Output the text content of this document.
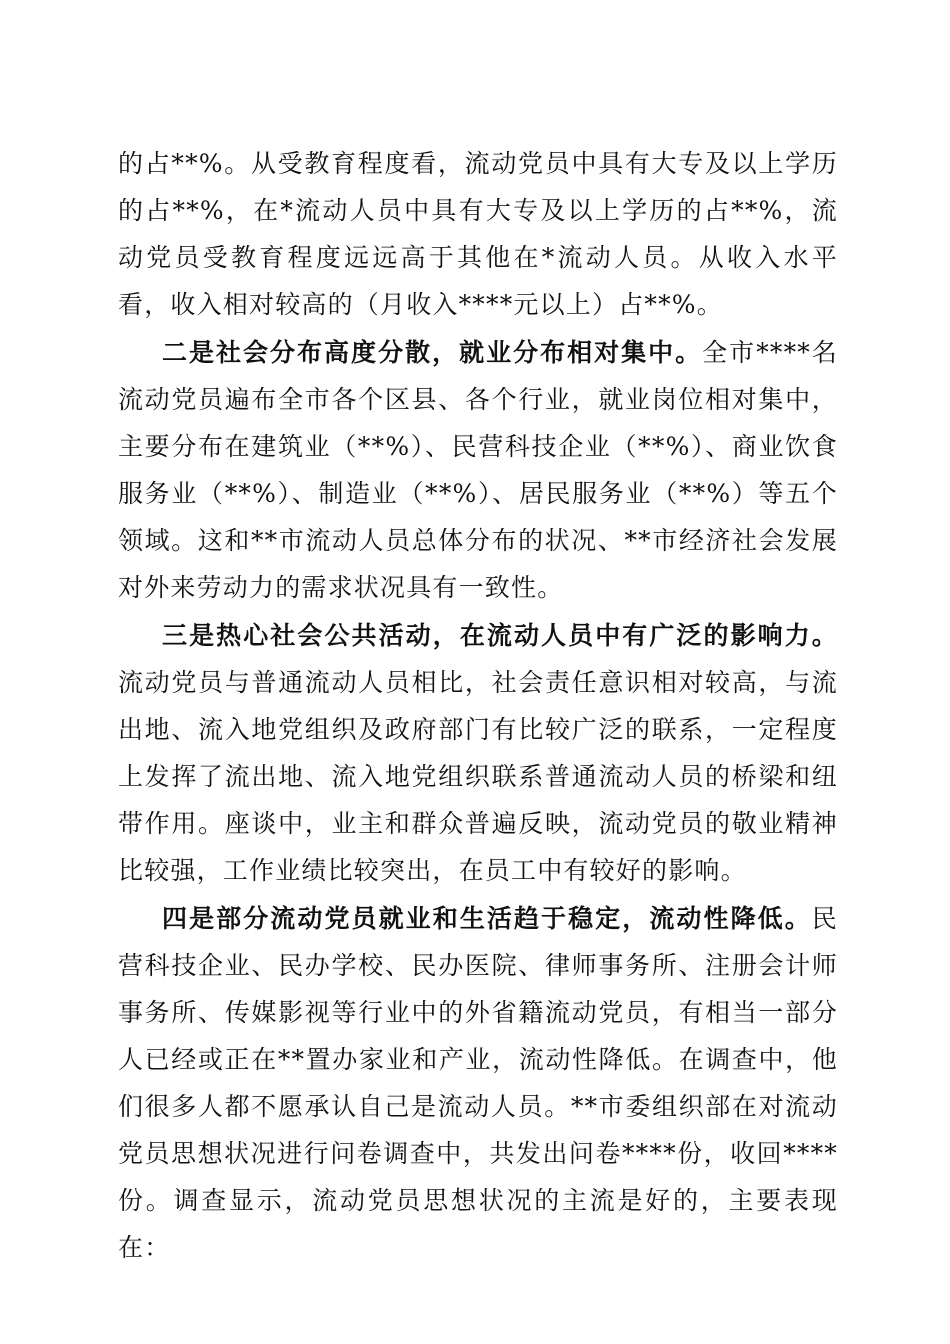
的占**%。从受教育程度看，流动党员中具有大专及以上学历的占**%，在*流动人员中具有大专及以上学历的占**%，流动党员受教育程度远远高于其他在*流动人员。从收入水平看，收入相对较高的（月收入****元以上）占**%。

二是社会分布高度分散，就业分布相对集中。全市****名流动党员遍布全市各个区县、各个行业，就业岗位相对集中，主要分布在建筑业（**%）、民营科技企业（**%）、商业饮食服务业（**%）、制造业（**%）、居民服务业（**%）等五个领域。这和**市流动人员总体分布的状况、**市经济社会发展对外来劳动力的需求状况具有一致性。

三是热心社会公共活动，在流动人员中有广泛的影响力。流动党员与普通流动人员相比，社会责任意识相对较高，与流出地、流入地党组织及政府部门有比较广泛的联系，一定程度上发挥了流出地、流入地党组织联系普通流动人员的桥梁和纽带作用。座谈中，业主和群众普遍反映，流动党员的敬业精神比较强，工作业绩比较突出，在员工中有较好的影响。

四是部分流动党员就业和生活趋于稳定，流动性降低。民营科技企业、民办学校、民办医院、律师事务所、注册会计师事务所、传媒影视等行业中的外省籍流动党员，有相当一部分人已经或正在**置办家业和产业，流动性降低。在调查中，他们很多人都不愿承认自己是流动人员。**市委组织部在对流动党员思想状况进行问卷调查中，共发出问卷****份，收回****份。调查显示，流动党员思想状况的主流是好的，主要表现在：
